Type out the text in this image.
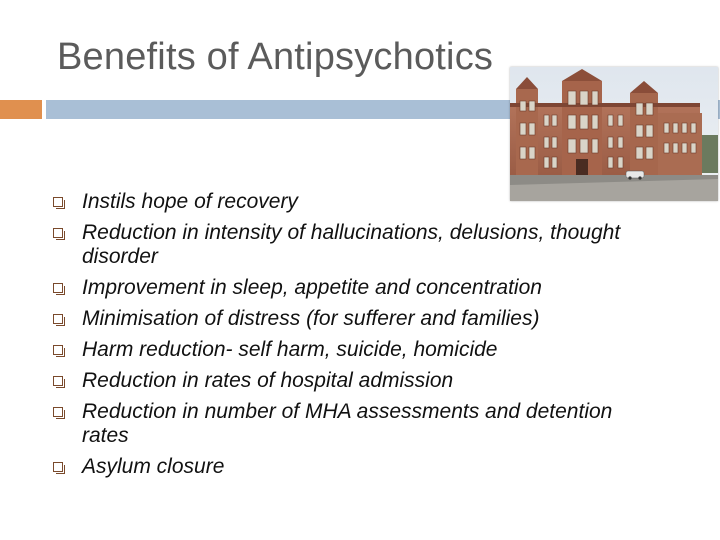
Benefits of Antipsychotics
Instils hope of recovery
Reduction in intensity of hallucinations, delusions, thought disorder
Improvement in sleep, appetite and concentration
Minimisation of distress (for sufferer and families)
Harm reduction- self harm, suicide, homicide
Reduction in rates of hospital admission
Reduction in number of MHA assessments and detention rates
Asylum closure
